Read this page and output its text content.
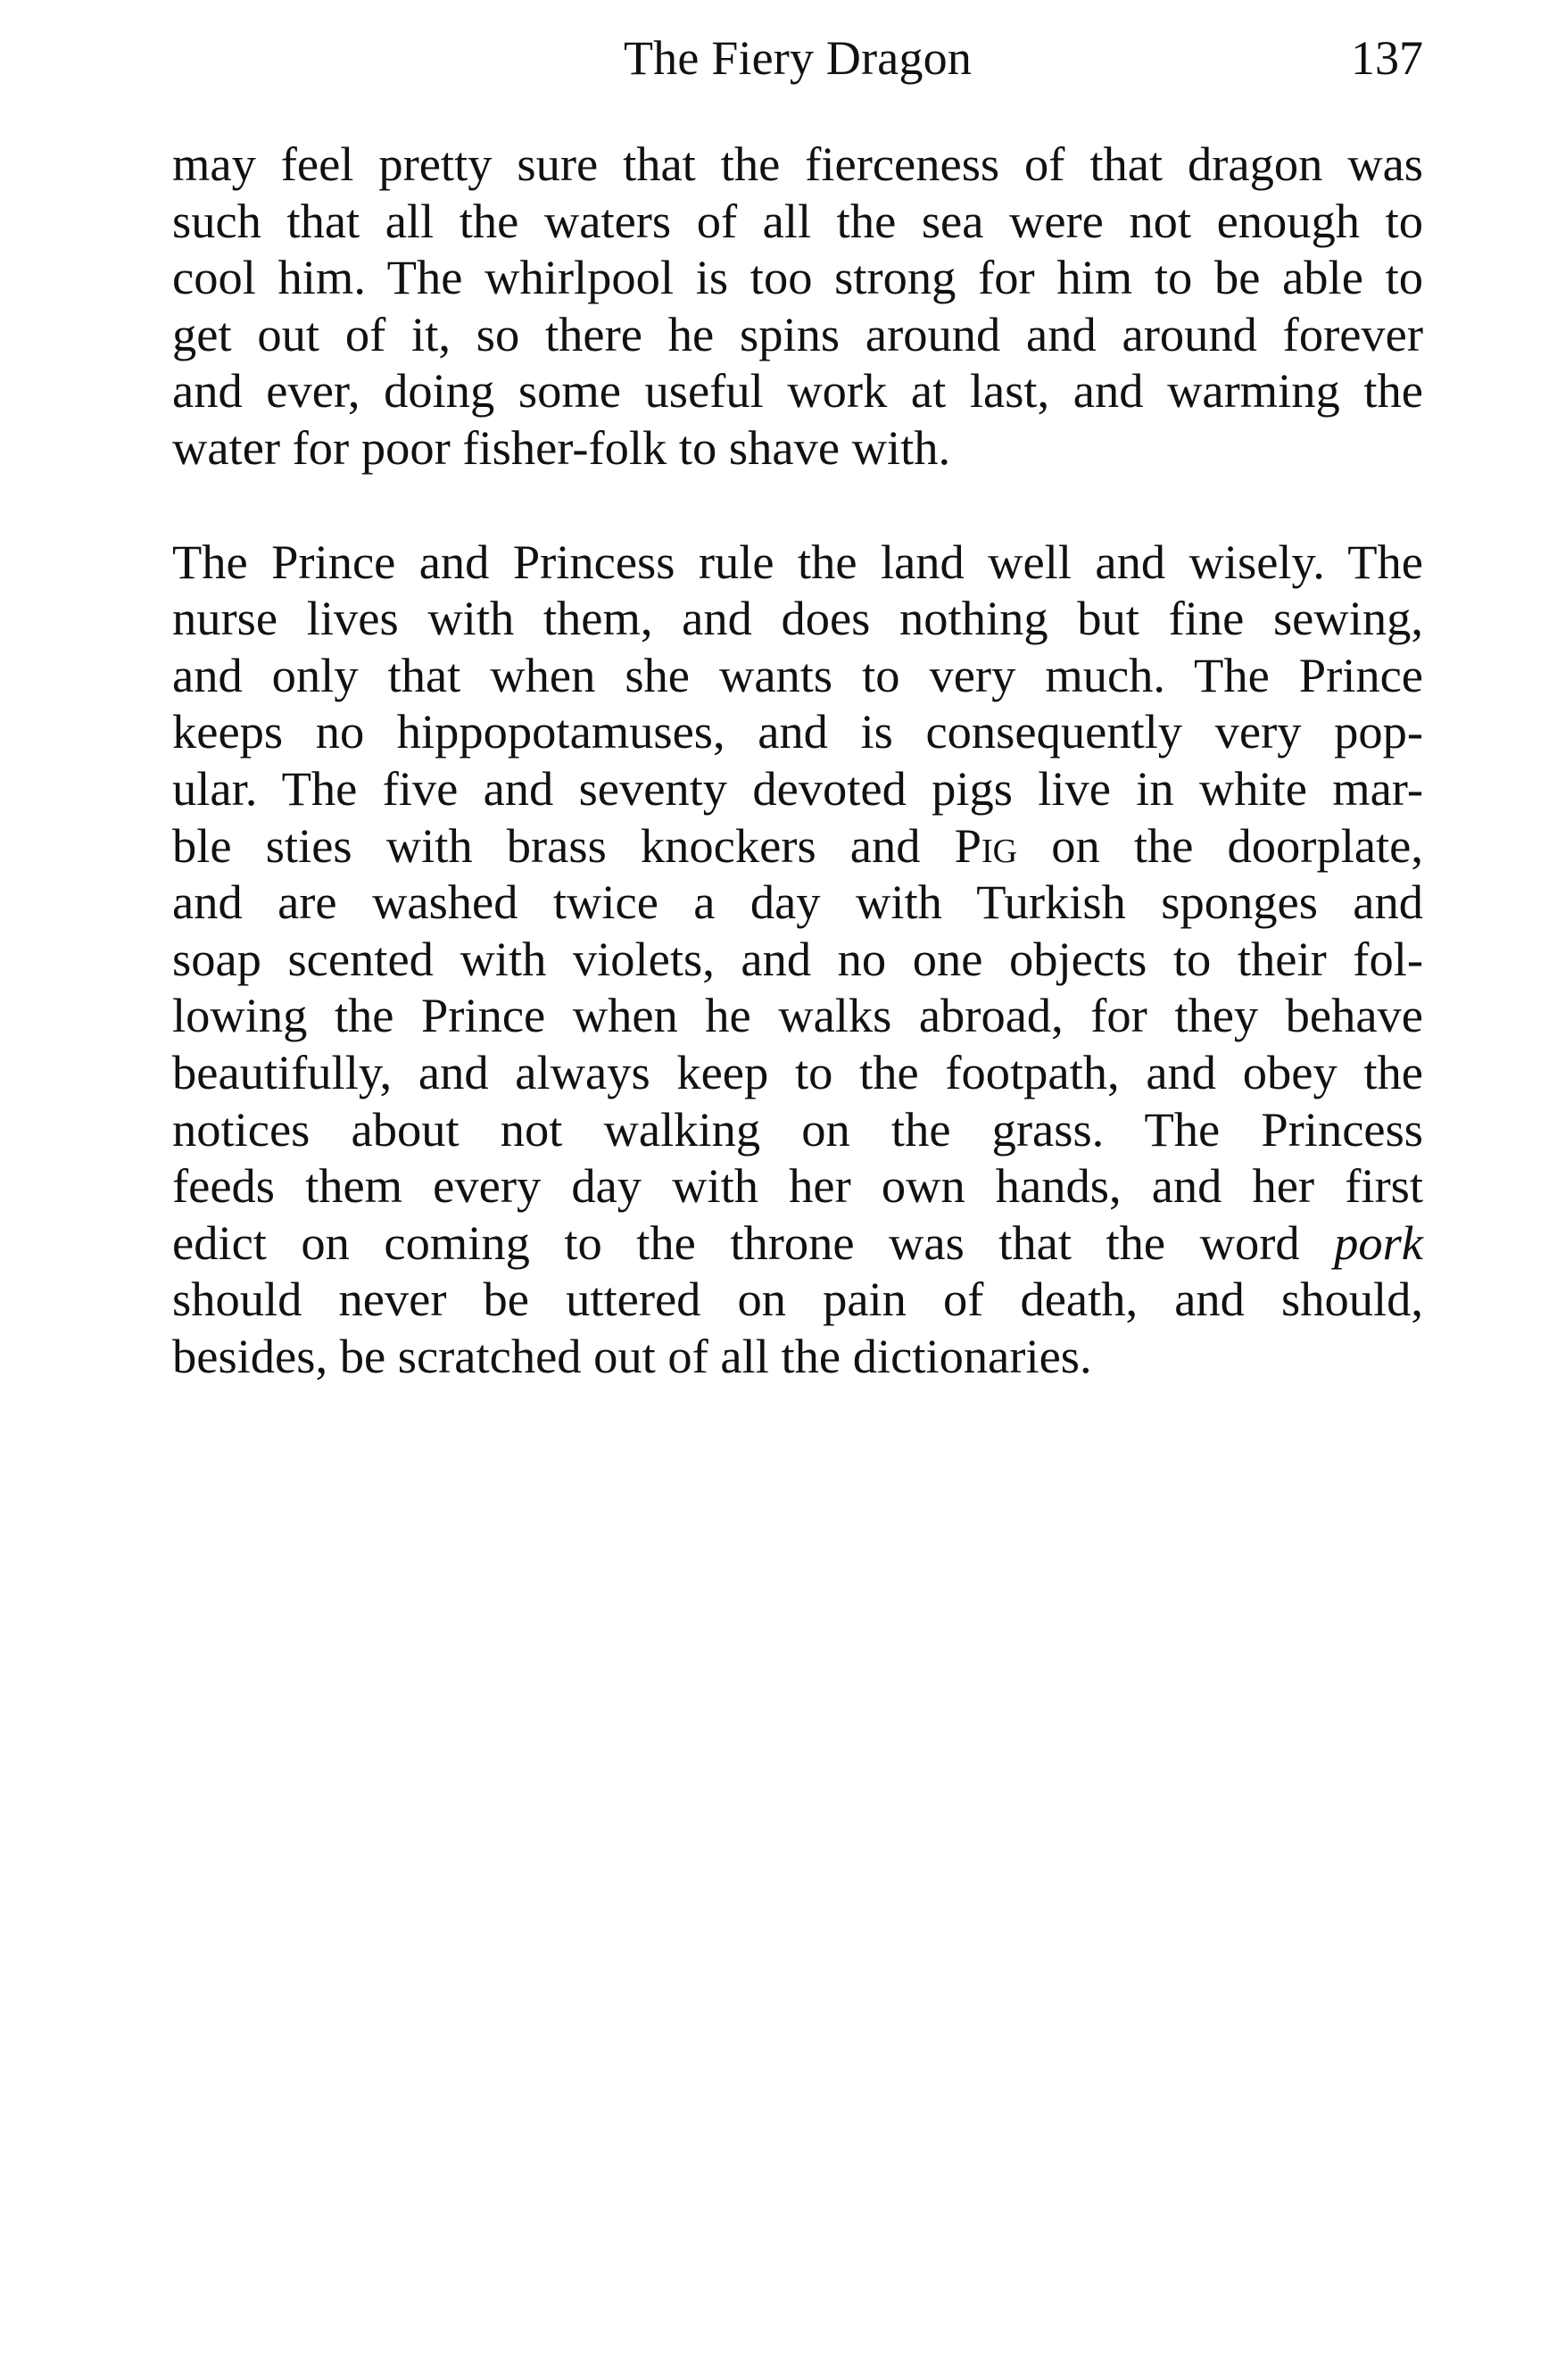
The Fiery Dragon	137

may feel pretty sure that the fierceness of that dragon was
such that all the waters of all the sea were not enough to
cool him. The whirlpool is too strong for him to be able to
get out of it, so there he spins around and around forever
and ever, doing some useful work at last, and warming the
water for poor fisher-folk to shave with.

The Prince and Princess rule the land well and wisely. The
nurse lives with them, and does nothing but fine sewing,
and only that when she wants to very much. The Prince
keeps no hippopotamuses, and is consequently very pop-
ular. The five and seventy devoted pigs live in white mar-
ble sties with brass knockers and Pig on the doorplate,
and are washed twice a day with Turkish sponges and
soap scented with violets, and no one objects to their fol-
lowing the Prince when he walks abroad, for they behave
beautifully, and always keep to the footpath, and obey the
notices about not walking on the grass. The Princess
feeds them every day with her own hands, and her first
edict on coming to the throne was that the word pork
should never be uttered on pain of death, and should,
besides, be scratched out of all the dictionaries.
